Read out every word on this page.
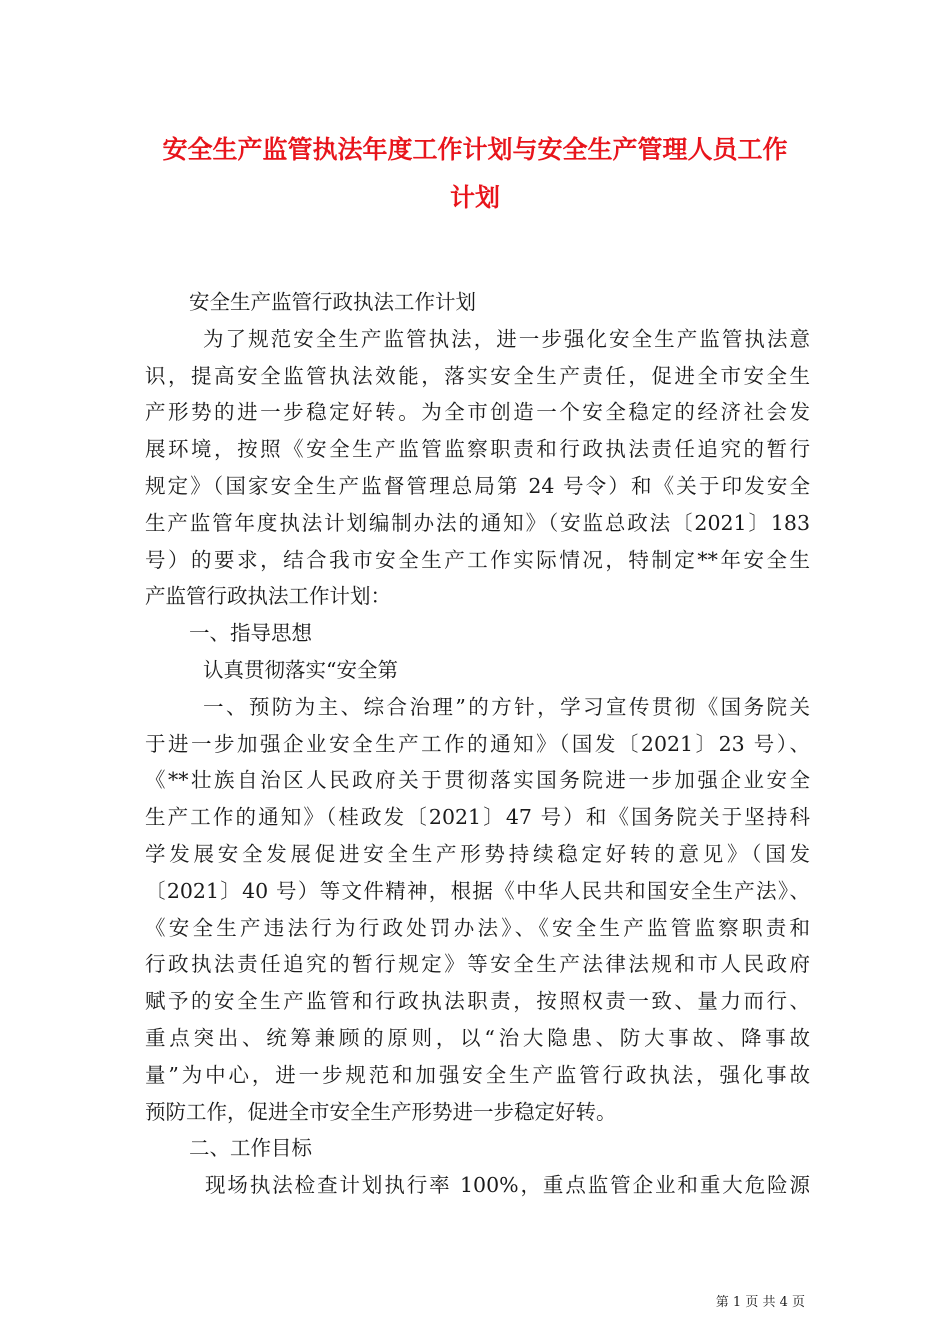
安全生产监管执法年度工作计划与安全生产管理人员工作
计划
安全生产监管行政执法工作计划
为了规范安全生产监管执法，进一步强化安全生产监管执法意
识，提高安全监管执法效能，落实安全生产责任，促进全市安全生
产形势的进一步稳定好转。为全市创造一个安全稳定的经济社会发
展环境，按照《安全生产监管监察职责和行政执法责任追究的暂行
规定》（国家安全生产监督管理总局第 24 号令）和《关于印发安全
生产监管年度执法计划编制办法的通知》（安监总政法〔2021〕183
号）的要求，结合我市安全生产工作实际情况，特制定**年安全生
产监管行政执法工作计划：
一、指导思想
认真贯彻落实“安全第
一、预防为主、综合治理”的方针，学习宣传贯彻《国务院关
于进一步加强企业安全生产工作的通知》（国发〔2021〕23 号）、
《**壮族自治区人民政府关于贯彻落实国务院进一步加强企业安全
生产工作的通知》（桂政发〔2021〕47 号）和《国务院关于坚持科
学发展安全发展促进安全生产形势持续稳定好转的意见》（国发
〔2021〕40 号）等文件精神，根据《中华人民共和国安全生产法》、
《安全生产违法行为行政处罚办法》、《安全生产监管监察职责和
行政执法责任追究的暂行规定》等安全生产法律法规和市人民政府
赋予的安全生产监管和行政执法职责，按照权责一致、量力而行、
重点突出、统筹兼顾的原则，以“治大隐患、防大事故、降事故
量”为中心，进一步规范和加强安全生产监管行政执法，强化事故
预防工作，促进全市安全生产形势进一步稳定好转。
二、工作目标
现场执法检查计划执行率 100%，重点监管企业和重大危险源
第 1 页 共 4 页
